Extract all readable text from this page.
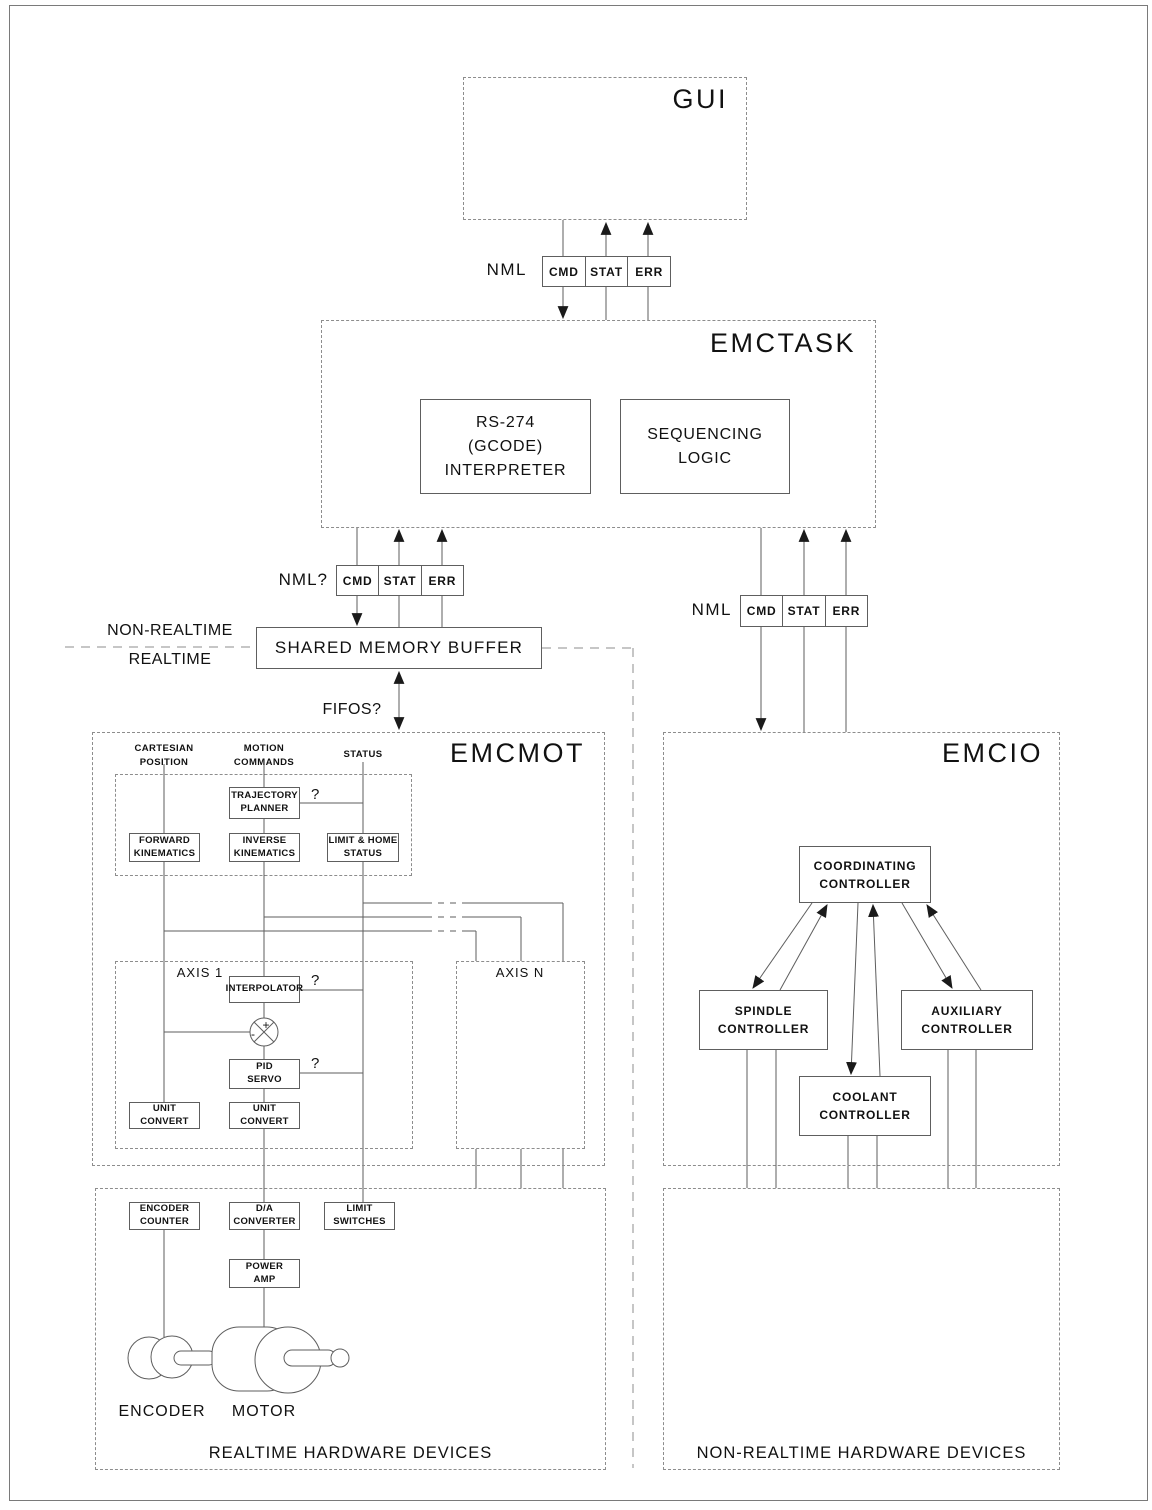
+
-
GUI
EMCTASK
EMCMOT	EMCIO
NML	CMD STAT	ERR
NML?	CMD STAT	ERR
NML	CMD STAT	ERR
RS-274
(GCODE)
INTERPRETER
SEQUENCING
LOGIC
NON-REALTIME
REALTIME
SHARED MEMORY BUFFER
FIFOS?
CARTESIAN
POSITION
MOTION
COMMANDS
STATUS
TRAJECTORY
PLANNER
?
FORWARD
KINEMATICS
INVERSE
KINEMATICS
LIMIT & HOME
STATUS
AXIS 1	AXIS N
INTERPOLATOR ?
PID
SERVO
?
UNIT
CONVERT
UNIT
CONVERT
COORDINATING
CONTROLLER
SPINDLE
CONTROLLER
AUXILIARY
CONTROLLER
COOLANT
CONTROLLER
ENCODER
COUNTER
D/A
CONVERTER
LIMIT
SWITCHES
POWER
AMP
ENCODER MOTOR
REALTIME HARDWARE DEVICES	NON-REALTIME HARDWARE DEVICES
